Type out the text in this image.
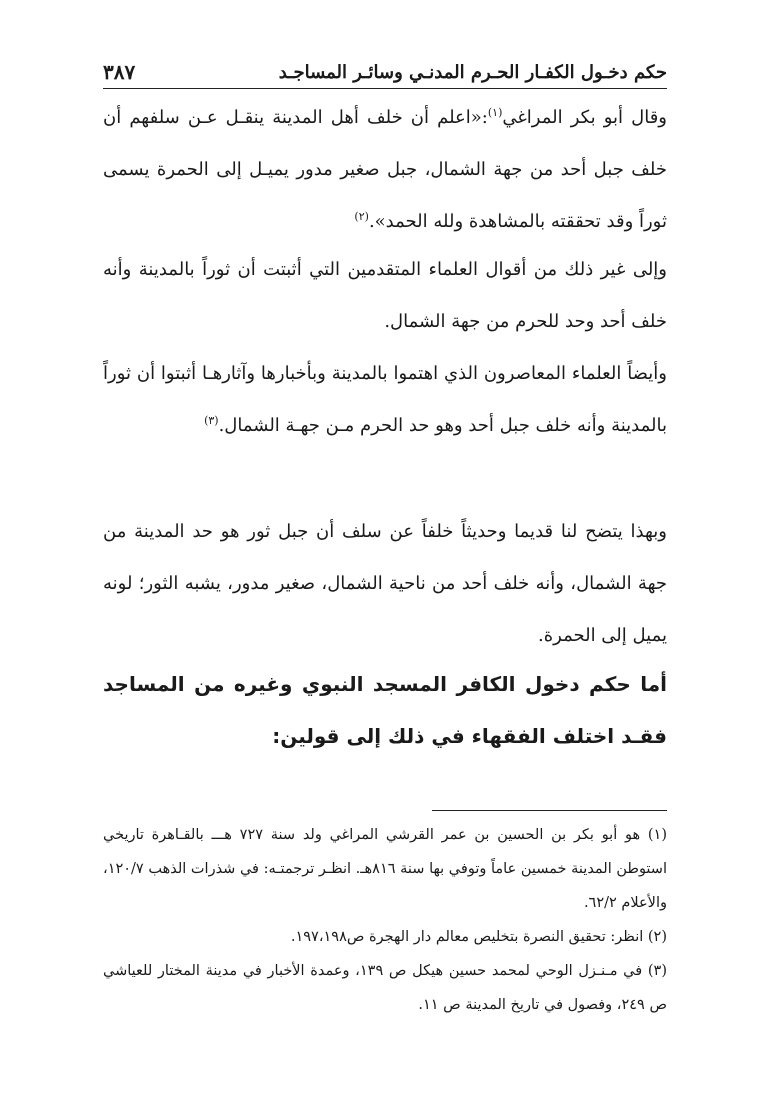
حكم دخـول الكفـار الحـرم المدنـي وسائـر المساجـد
٣٨٧

وقال أبو بكر المراغي$^{(١)}$:«اعلم أن خلف أهل المدينة ينقـل عـن سلفهم أن خلف جبل أحد من جهة الشمال، جبل صغير مدور يميـل إلى الحمرة يسمى ثوراً وقد تحققته بالمشاهدة ولله الحمد».$^{(٢)}$

وإلى غير ذلك من أقوال العلماء المتقدمين التي أثبتت أن ثوراً بالمدينة وأنه خلف أحد وحد للحرم من جهة الشمال.

وأيضاً العلماء المعاصرون الذي اهتموا بالمدينة وبأخبارها وآثارهـا أثبتوا أن ثوراً بالمدينة وأنه خلف جبل أحد وهو حد الحرم مـن جهـة الشمال.$^{(٣)}$

وبهذا يتضح لنا قديما وحديثاً خلفاً عن سلف أن جبل ثور هو حد المدينة من جهة الشمال، وأنه خلف أحد من ناحية الشمال، صغير مدور، يشبه الثور؛ لونه يميل إلى الحمرة.

أما حكم دخول الكافر المسجد النبوي وغيره من المساجد فقـد اختلف الفقهاء في ذلك إلى قولين:

(١) هو أبو بكر بن الحسين بن عمر القرشي المراغي ولد سنة ٧٢٧ هـــ بالقـاهرة تاريخي استوطن المدينة خمسين عاماً وتوفي بها سنة ٨١٦هـ. انظـر ترجمتـه: في شذرات الذهب ١٢٠/٧، والأعلام ٦٢/٢.

(٢) انظر: تحقيق النصرة بتخليص معالم دار الهجرة ص١٩٧،١٩٨.

(٣) في مـنـزل الوحي لمحمد حسين هيكل ص ١٣٩، وعمدة الأخبار في مدينة المختار للعياشي ص ٢٤٩، وفصول في تاريخ المدينة ص ١١.
